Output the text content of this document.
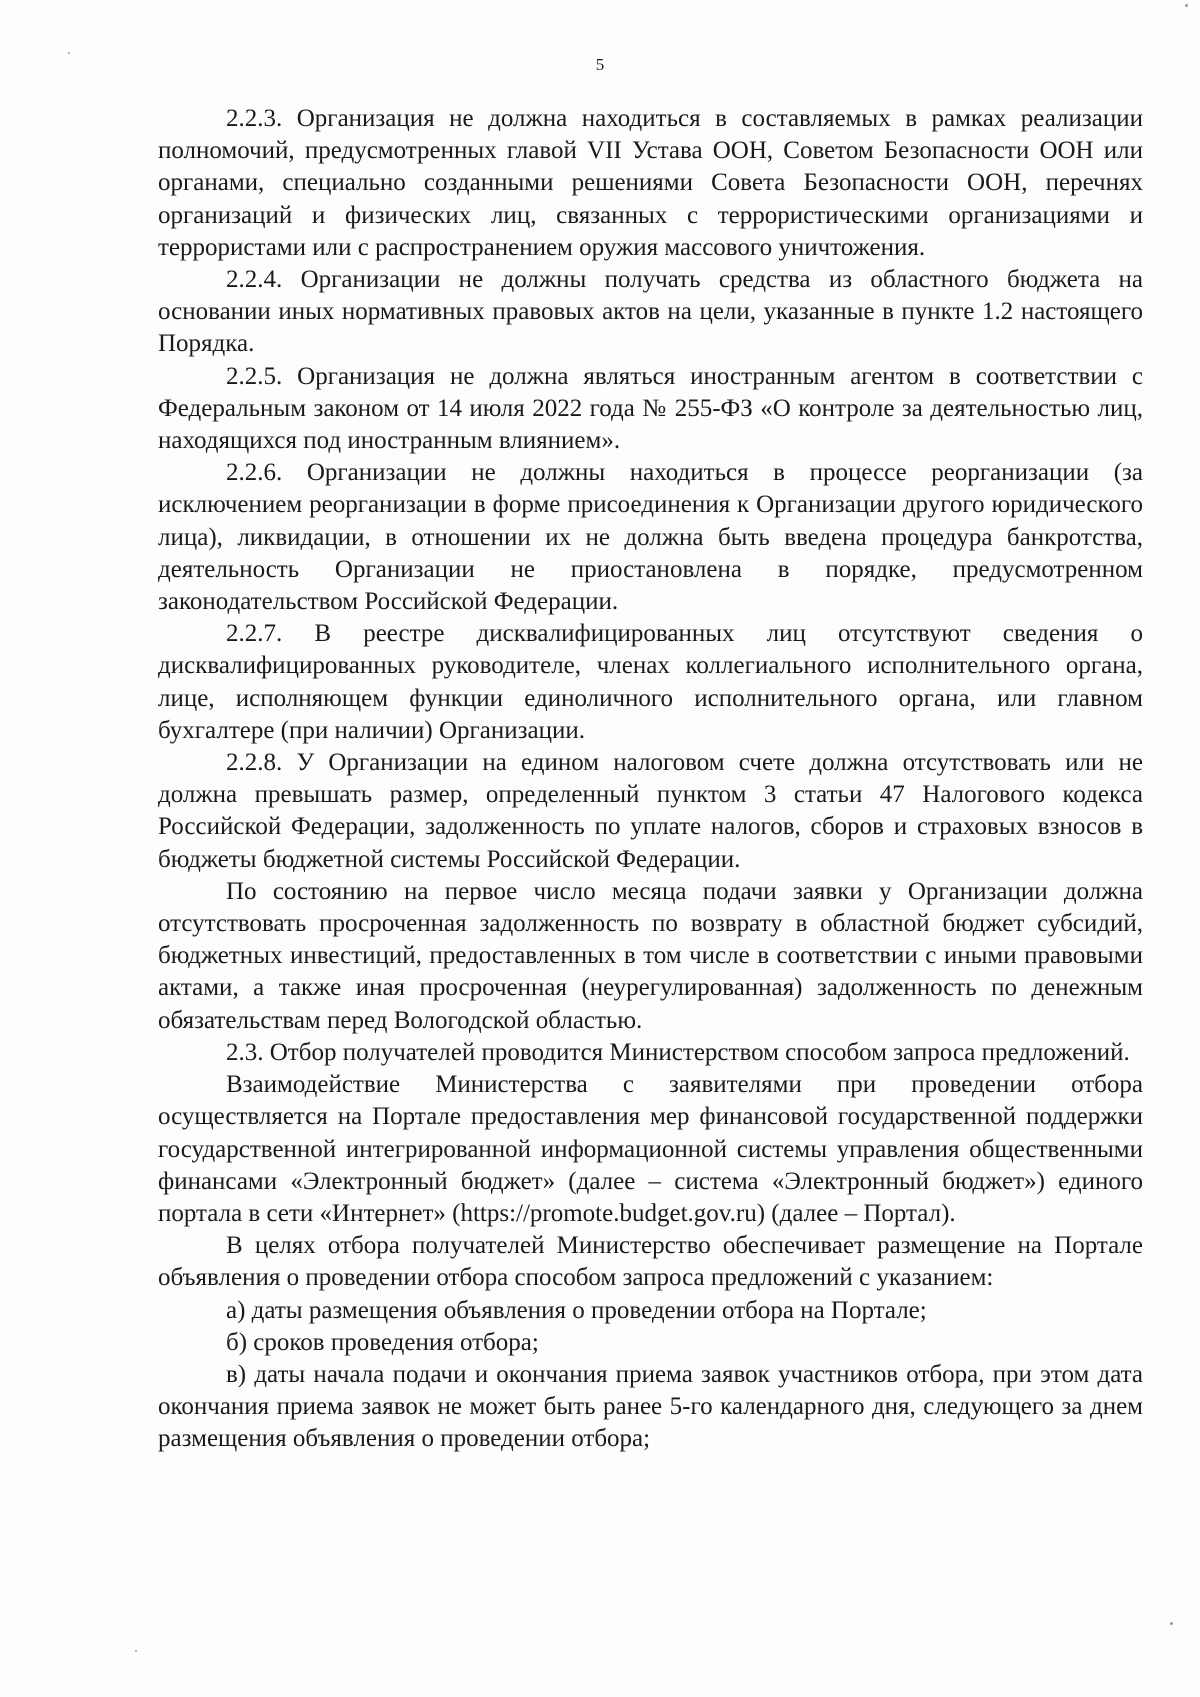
5

2.2.3. Организация не должна находиться в составляемых в рамках реализации полномочий, предусмотренных главой VII Устава ООН, Советом Безопасности ООН или органами, специально созданными решениями Совета Безопасности ООН, перечнях организаций и физических лиц, связанных с террористическими организациями и террористами или с распространением оружия массового уничтожения.

2.2.4. Организации не должны получать средства из областного бюджета на основании иных нормативных правовых актов на цели, указанные в пункте 1.2 настоящего Порядка.

2.2.5. Организация не должна являться иностранным агентом в соответствии с Федеральным законом от 14 июля 2022 года № 255-ФЗ «О контроле за деятельностью лиц, находящихся под иностранным влиянием».

2.2.6. Организации не должны находиться в процессе реорганизации (за исключением реорганизации в форме присоединения к Организации другого юридического лица), ликвидации, в отношении их не должна быть введена процедура банкротства, деятельность Организации не приостановлена в порядке, предусмотренном законодательством Российской Федерации.

2.2.7. В реестре дисквалифицированных лиц отсутствуют сведения о дисквалифицированных руководителе, членах коллегиального исполнительного органа, лице, исполняющем функции единоличного исполнительного органа, или главном бухгалтере (при наличии) Организации.

2.2.8. У Организации на едином налоговом счете должна отсутствовать или не должна превышать размер, определенный пунктом 3 статьи 47 Налогового кодекса Российской Федерации, задолженность по уплате налогов, сборов и страховых взносов в бюджеты бюджетной системы Российской Федерации.

По состоянию на первое число месяца подачи заявки у Организации должна отсутствовать просроченная задолженность по возврату в областной бюджет субсидий, бюджетных инвестиций, предоставленных в том числе в соответствии с иными правовыми актами, а также иная просроченная (неурегулированная) задолженность по денежным обязательствам перед Вологодской областью.

2.3. Отбор получателей проводится Министерством способом запроса предложений.

Взаимодействие Министерства с заявителями при проведении отбора осуществляется на Портале предоставления мер финансовой государственной поддержки государственной интегрированной информационной системы управления общественными финансами «Электронный бюджет» (далее – система «Электронный бюджет») единого портала в сети «Интернет» (https://promote.budget.gov.ru) (далее – Портал).

В целях отбора получателей Министерство обеспечивает размещение на Портале объявления о проведении отбора способом запроса предложений с указанием:

а) даты размещения объявления о проведении отбора на Портале;

б) сроков проведения отбора;

в) даты начала подачи и окончания приема заявок участников отбора, при этом дата окончания приема заявок не может быть ранее 5-го календарного дня, следующего за днем размещения объявления о проведении отбора;
